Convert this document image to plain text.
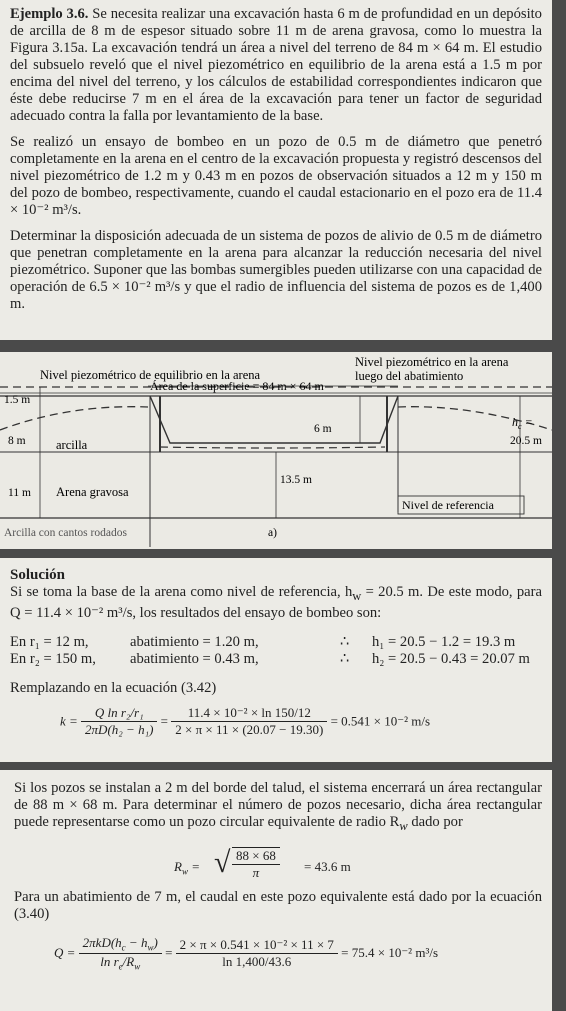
Ejemplo 3.6. Se necesita realizar una excavación hasta 6 m de profundidad en un depósito de arcilla de 8 m de espesor situado sobre 11 m de arena gravosa, como lo muestra la Figura 3.15a. La excavación tendrá un área a nivel del terreno de 84 m × 64 m. El estudio del subsuelo reveló que el nivel piezométrico en equilibrio de la arena está a 1.5 m por encima del nivel del terreno, y los cálculos de estabilidad correspondientes indicaron que éste debe reducirse 7 m en el área de la excavación para tener un factor de seguridad adecuado contra la falla por levantamiento de la base.

Se realizó un ensayo de bombeo en un pozo de 0.5 m de diámetro que penetró completamente en la arena en el centro de la excavación propuesta y registró descensos del nivel piezométrico de 1.2 m y 0.43 m en pozos de observación situados a 12 m y 150 m del pozo de bombeo, respectivamente, cuando el caudal estacionario en el pozo era de 11.4 × 10⁻² m³/s.

Determinar la disposición adecuada de un sistema de pozos de alivio de 0.5 m de diámetro que penetran completamente en la arena para alcanzar la reducción necesaria del nivel piezométrico. Suponer que las bombas sumergibles pueden utilizarse con una capacidad de operación de 6.5 × 10⁻² m³/s y que el radio de influencia del sistema de pozos es de 1,400 m.

Nivel piezométrico de equilibrio en la arena
Nivel piezométrico en la arena
luego del abatimiento
Área de la superficie = 84 m × 64 m
1.5 m
6 m	$h_c$ =
20.5 m
8 m arcilla
13.5 m
11 m Arena gravosa
Nivel de referencia
Arcilla con cantos rodados	a)
Solución

Si se toma la base de la arena como nivel de referencia, $h_w = 20.5$ m. De este modo, para Q = 11.4 × 10⁻² m³/s, los resultados del ensayo de bombeo son:

En r₁ = 12 m,	abatimiento = 1.20 m,	∴ h₁ = 20.5 − 1.2 = 19.3 m
En r₂ = 150 m, abatimiento = 0.43 m,	∴ h₂ = 20.5 − 0.43 = 20.07 m

Remplazando en la ecuación (3.42)

$k = \frac{\text{Q ln r₂/r₁}}{\text{2πD(h₂ − h₁)}} = \frac{\text{11.4 × 10⁻² × ln 150/12}}{2 \times \pi \times 11 \times (20.07 - 19.30)} = 0.541 \times 10^{-2}$ m/s

Si los pozos se instalan a 2 m del borde del talud, el sistema encerrará un área rectangular de 88 m × 68 m. Para determinar el número de pozos necesario, dicha área rectangular puede representarse como un pozo circular equivalente de radio $R_w$ dado por

$R_w$ = √ $\frac{88 \times 68}{\pi} = 43.6$ m

Para un abatimiento de 7 m, el caudal en este pozo equivalente está dado por la ecuación (3.40)

$Q = \frac{2\pi kD(h_c - h_w)}{\ln r_e/R_w} = \frac{\text{2 × π × 0.541 × 10⁻² × 11 × 7}}{\ln 1,400/43.6} = 75.4 \times 10^{-2}$ m³/s
